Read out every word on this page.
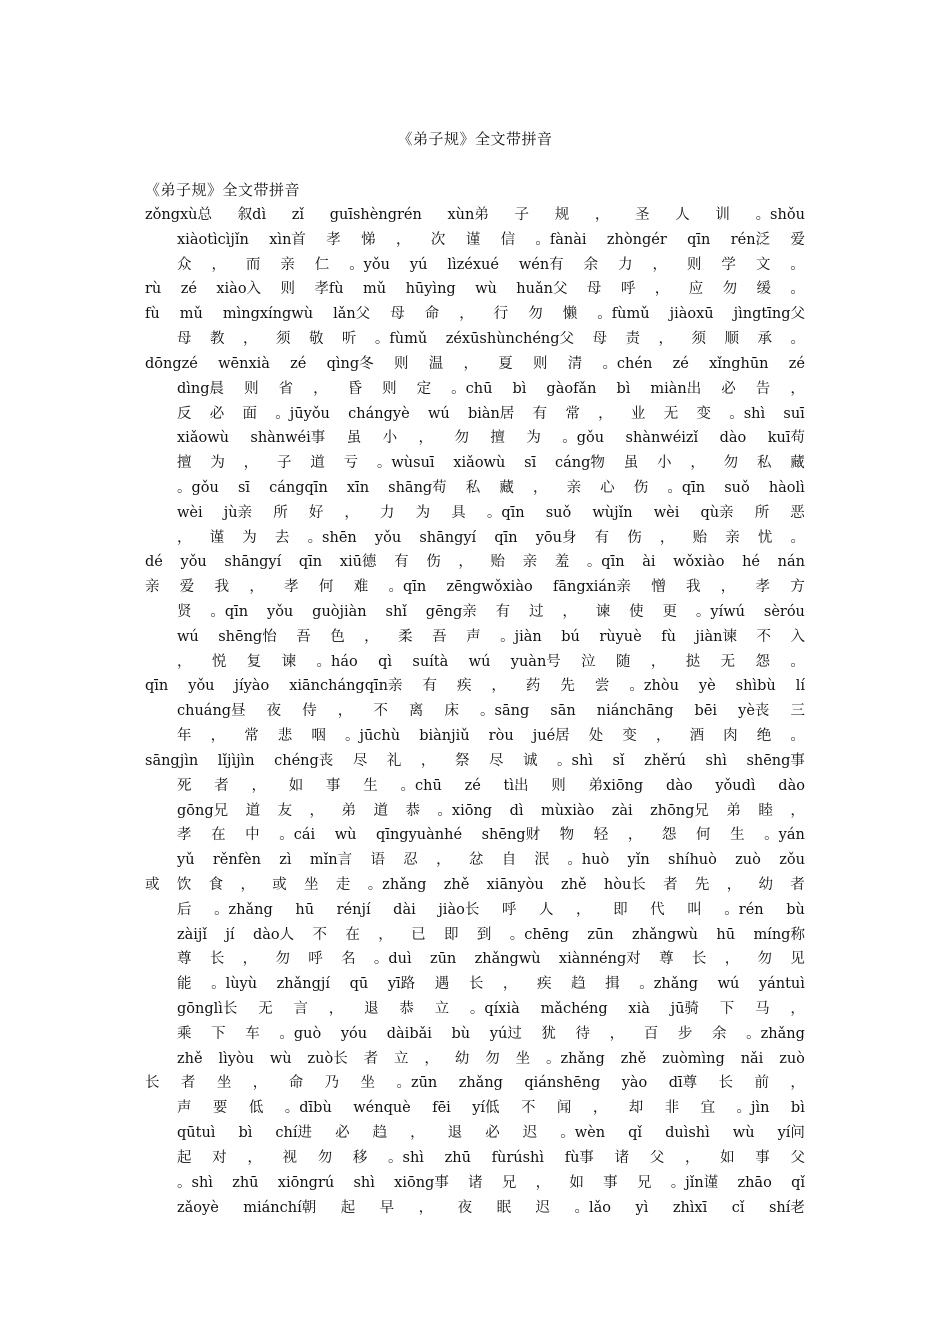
《弟子规》全文带拼音
《弟子规》全文带拼音
zǒngxù总 叙dì zǐ guīshèngrén xùn弟 子 规 ， 圣 人 训 。shǒu
xiàotìcìjǐn xìn首 孝 悌 ， 次 谨 信 。fànài zhòngér qīn rén泛 爱
众 ， 而 亲 仁 。yǒu yú lìzéxué wén有 余 力 ， 则 学 文 。
rù zé xiào入 则 孝fù mǔ hūyìng wù huǎn父 母 呼 ， 应 勿 缓 。
fù mǔ mìngxíngwù lǎn父 母 命 ， 行 勿 懒 。fùmǔ jiàoxū jìngtīng父
母 教 ， 须 敬 听 。fùmǔ zéxūshùnchéng父 母 责 ， 须 顺 承 。
dōngzé wēnxià zé qìng冬 则 温 ， 夏 则 清 。chén zé xǐnghūn zé
dìng晨 则 省 ， 昏 则 定 。chū bì gàofǎn bì miàn出 必 告 ，
反 必 面 。jūyǒu chángyè wú biàn居 有 常 ， 业 无 变 。shì suī
xiǎowù shànwéi事 虽 小 ， 勿 擅 为 。gǒu shànwéizǐ dào kuī苟
擅 为 ， 子 道 亏 。wùsuī xiǎowù sī cáng物 虽 小 ， 勿 私 藏
。gǒu sī cángqīn xīn shāng苟 私 藏 ， 亲 心 伤 。qīn suǒ hàolì
wèi jù亲 所 好 ， 力 为 具 。qīn suǒ wùjǐn wèi qù亲 所 恶
， 谨 为 去 。shēn yǒu shāngyí qīn yōu身 有 伤 ， 贻 亲 忧 。
dé yǒu shāngyí qīn xiū德 有 伤 ， 贻 亲 羞 。qīn ài wǒxiào hé nán
亲 爱 我 ， 孝 何 难 。qīn zēngwǒxiào fāngxián亲 憎 我 ， 孝 方
贤 。qīn yǒu guòjiàn shǐ gēng亲 有 过 ， 谏 使 更 。yíwú sèróu
wú shēng怡 吾 色 ， 柔 吾 声 。jiàn bú rùyuè fù jiàn谏 不 入
， 悦 复 谏 。háo qì suítà wú yuàn号 泣 随 ， 挞 无 怨 。
qīn yǒu jíyào xiānchángqīn亲 有 疾 ， 药 先 尝 。zhòu yè shìbù lí
chuáng昼 夜 侍 ， 不 离 床 。sāng sān niánchāng bēi yè丧 三
年 ， 常 悲 咽 。jūchù biànjiǔ ròu jué居 处 变 ， 酒 肉 绝 。
sāngjìn lǐjìjìn chéng丧 尽 礼 ， 祭 尽 诚 。shì sǐ zhěrú shì shēng事
死 者 ， 如 事 生 。chū zé tì出 则 弟xiōng dào yǒudì dào
gōng兄 道 友 ， 弟 道 恭 。xiōng dì mùxiào zài zhōng兄 弟 睦 ，
孝 在 中 。cái wù qīngyuànhé shēng财 物 轻 ， 怨 何 生 。yán
yǔ rěnfèn zì mǐn言 语 忍 ， 忿 自 泯 。huò yǐn shíhuò zuò zǒu
或 饮 食 ， 或 坐 走 。zhǎng zhě xiānyòu zhě hòu长 者 先 ， 幼 者
后 。zhǎng hū rénjí dài jiào长 呼 人 ， 即 代 叫 。rén bù
zàijǐ jí dào人 不 在 ， 已 即 到 。chēng zūn zhǎngwù hū míng称
尊 长 ， 勿 呼 名 。duì zūn zhǎngwù xiànnéng对 尊 长 ， 勿 见
能 。lùyù zhǎngjí qū yī路 遇 长 ， 疾 趋 揖 。zhǎng wú yántuì
gōnglì长 无 言 ， 退 恭 立 。qíxià mǎchéng xià jū骑 下 马 ，
乘 下 车 。guò yóu dàibǎi bù yú过 犹 待 ， 百 步 余 。zhǎng
zhě lìyòu wù zuò长 者 立 ， 幼 勿 坐 。zhǎng zhě zuòmìng nǎi zuò
长 者 坐 ， 命 乃 坐 。zūn zhǎng qiánshēng yào dī尊 长 前 ，
声 要 低 。dībù wénquè fēi yí低 不 闻 ， 却 非 宜 。jìn bì
qūtuì bì chí进 必 趋 ， 退 必 迟 。wèn qǐ duìshì wù yí问
起 对 ， 视 勿 移 。shì zhū fùrúshì fù事 诸 父 ， 如 事 父
。shì zhū xiōngrú shì xiōng事 诸 兄 ， 如 事 兄 。jǐn谨 zhāo qǐ
zǎoyè miánchí朝 起 早 ， 夜 眠 迟 。lǎo yì zhìxī cǐ shí老
